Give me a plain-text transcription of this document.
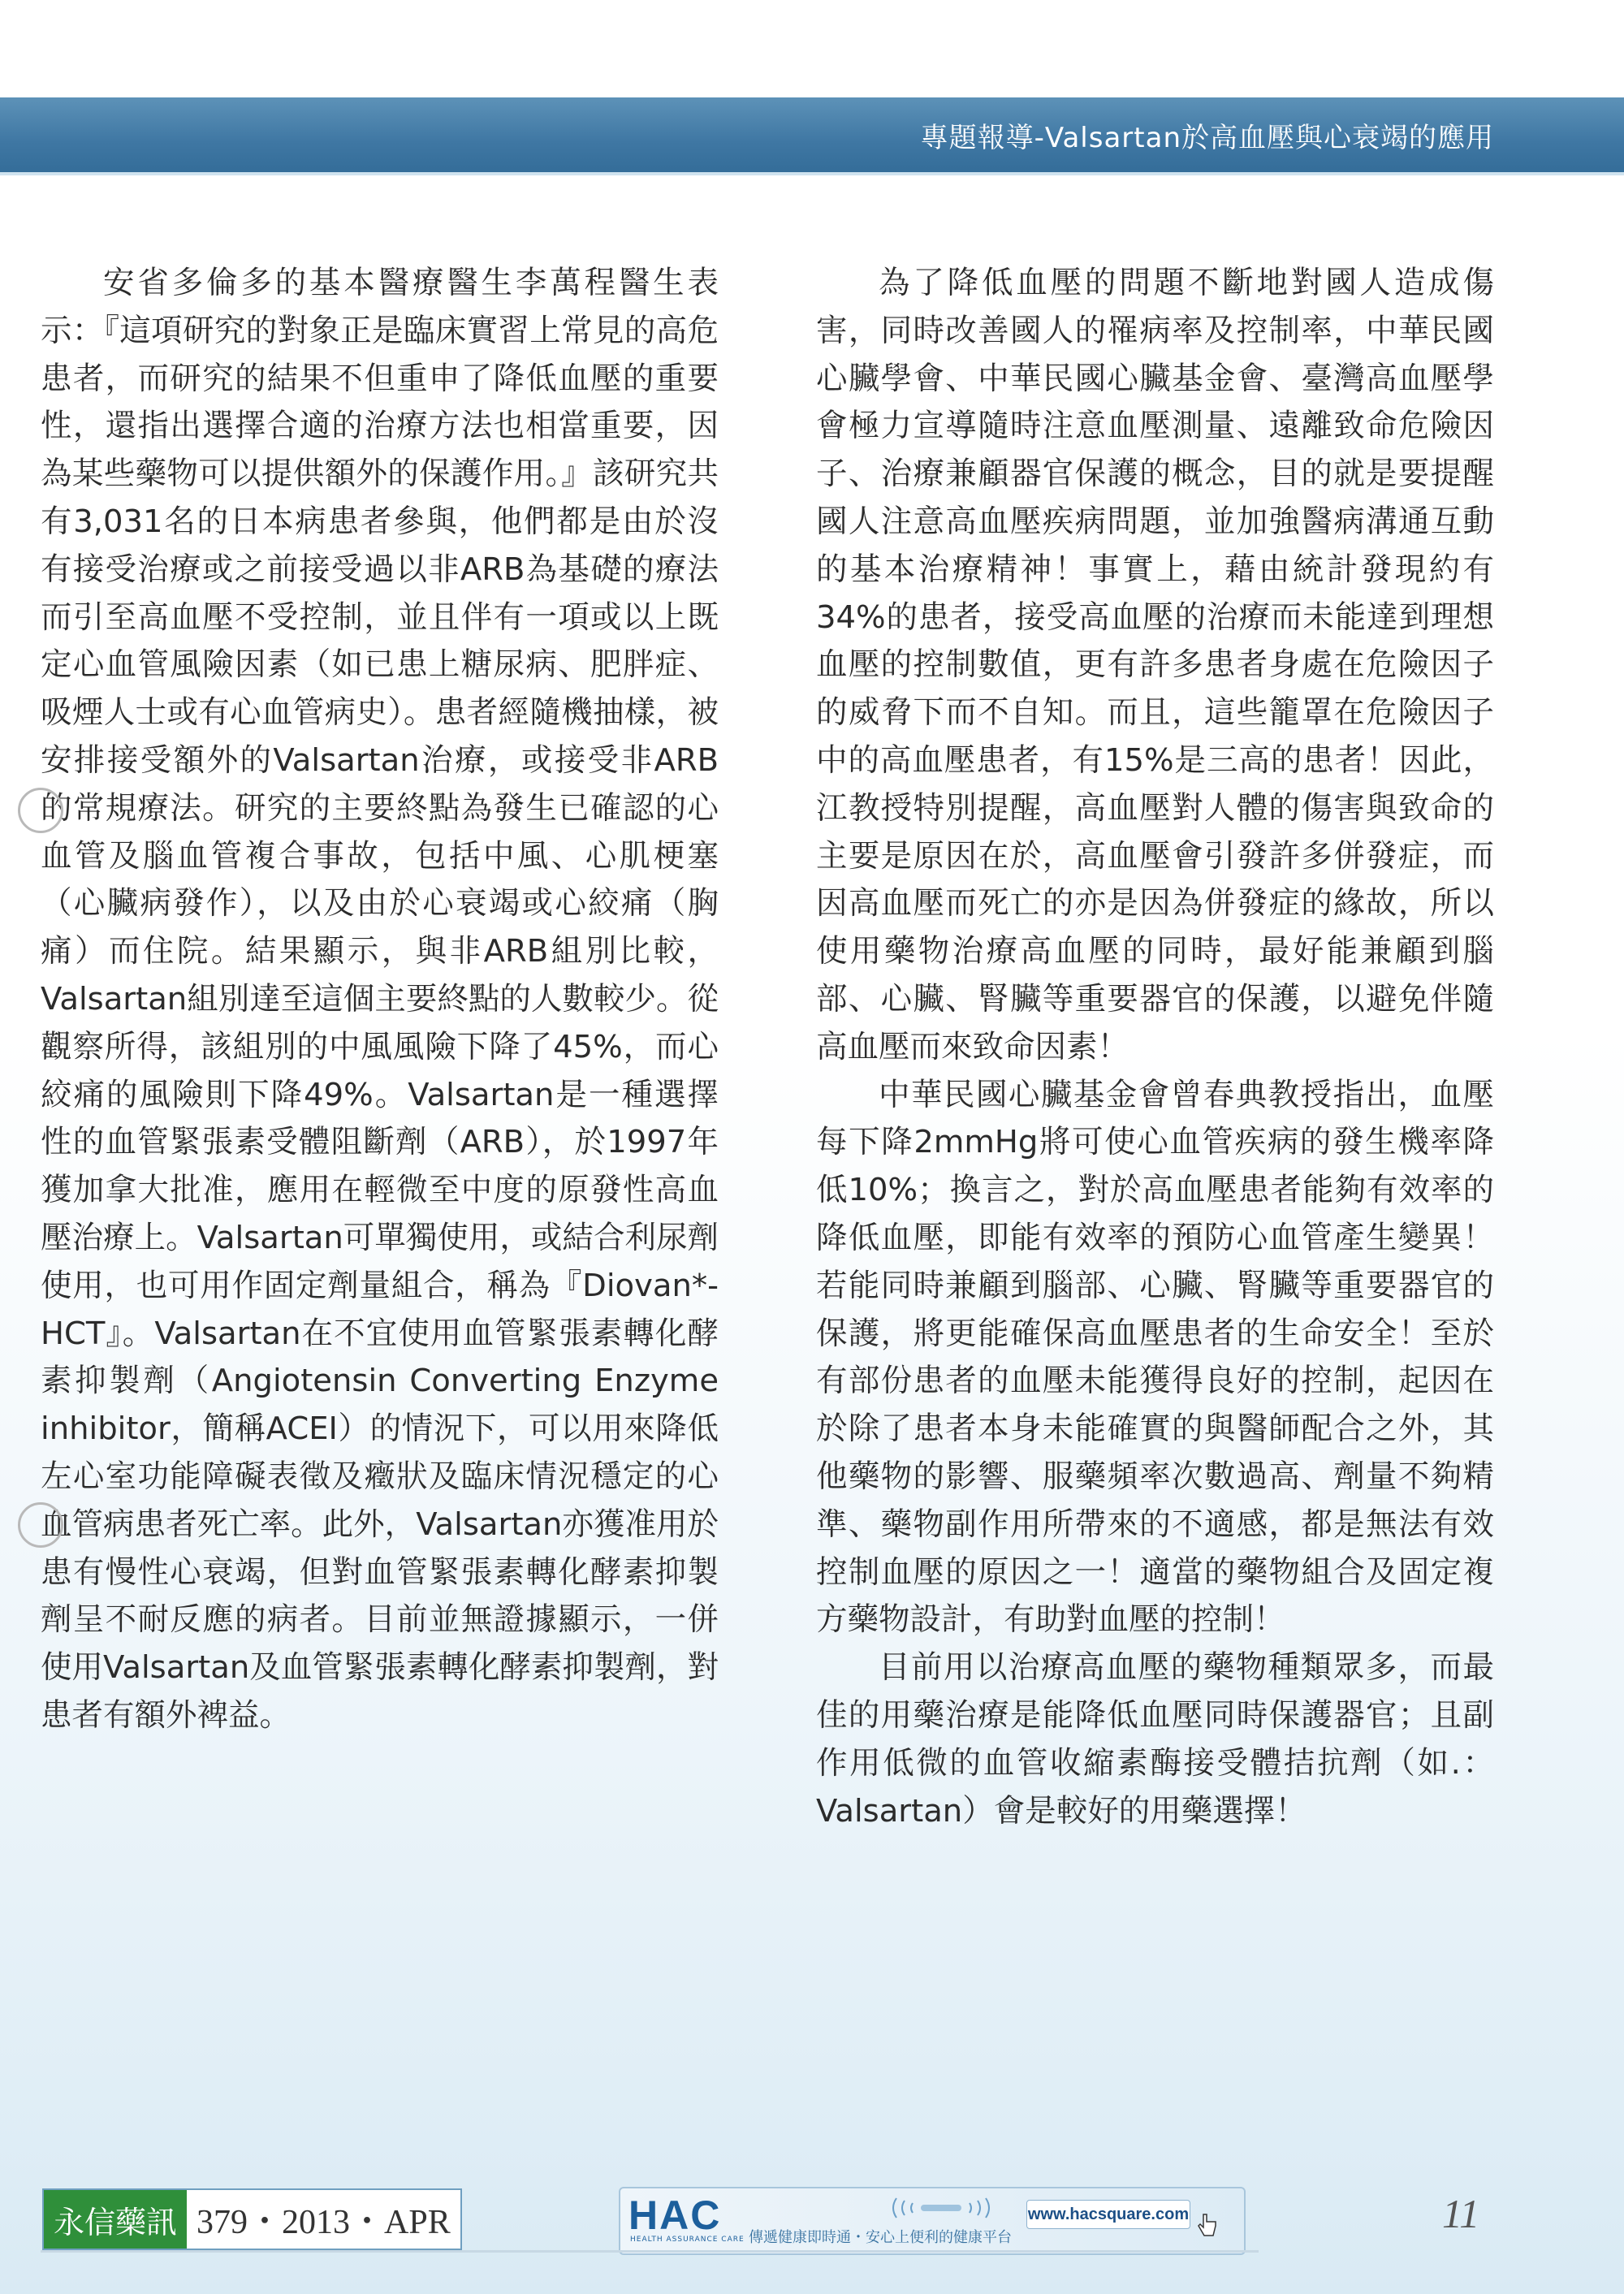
專題報導-Valsartan於高血壓與心衰竭的應用

安省多倫多的基本醫療醫生李萬程醫生表示：『這項研究的對象正是臨床實習上常見的高危患者，而研究的結果不但重申了降低血壓的重要性，還指出選擇合適的治療方法也相當重要，因為某些藥物可以提供額外的保護作用。』該研究共有3,031名的日本病患者參與，他們都是由於沒有接受治療或之前接受過以非ARB為基礎的療法而引至高血壓不受控制，並且伴有一項或以上既定心血管風險因素（如已患上糖尿病、肥胖症、吸煙人士或有心血管病史）。患者經隨機抽樣，被安排接受額外的Valsartan治療，或接受非ARB的常規療法。研究的主要終點為發生已確認的心血管及腦血管複合事故，包括中風、心肌梗塞（心臟病發作），以及由於心衰竭或心絞痛（胸痛）而住院。結果顯示，與非ARB組別比較，Valsartan組別達至這個主要終點的人數較少。從觀察所得，該組別的中風風險下降了45%，而心絞痛的風險則下降49%。Valsartan是一種選擇性的血管緊張素受體阻斷劑（ARB），於1997年獲加拿大批准，應用在輕微至中度的原發性高血壓治療上。Valsartan可單獨使用，或結合利尿劑使用，也可用作固定劑量組合，稱為『Diovan*-HCT』。Valsartan在不宜使用血管緊張素轉化酵素抑製劑（Angiotensin Converting Enzyme inhibitor，簡稱ACEI）的情況下，可以用來降低左心室功能障礙表徵及癥狀及臨床情況穩定的心血管病患者死亡率。此外，Valsartan亦獲准用於患有慢性心衰竭，但對血管緊張素轉化酵素抑製劑呈不耐反應的病者。目前並無證據顯示，一併使用Valsartan及血管緊張素轉化酵素抑製劑，對患者有額外裨益。

為了降低血壓的問題不斷地對國人造成傷害，同時改善國人的罹病率及控制率，中華民國心臟學會、中華民國心臟基金會、臺灣高血壓學會極力宣導隨時注意血壓測量、遠離致命危險因子、治療兼顧器官保護的概念，目的就是要提醒國人注意高血壓疾病問題，並加強醫病溝通互動的基本治療精神！事實上，藉由統計發現約有34%的患者，接受高血壓的治療而未能達到理想血壓的控制數值，更有許多患者身處在危險因子的威脅下而不自知。而且，這些籠罩在危險因子中的高血壓患者，有15%是三高的患者！因此，江教授特別提醒，高血壓對人體的傷害與致命的主要是原因在於，高血壓會引發許多併發症，而因高血壓而死亡的亦是因為併發症的緣故，所以使用藥物治療高血壓的同時，最好能兼顧到腦部、心臟、腎臟等重要器官的保護，以避免伴隨高血壓而來致命因素！

中華民國心臟基金會曾春典教授指出，血壓每下降2mmHg將可使心血管疾病的發生機率降低10%；換言之，對於高血壓患者能夠有效率的降低血壓，即能有效率的預防心血管產生變異！若能同時兼顧到腦部、心臟、腎臟等重要器官的保護，將更能確保高血壓患者的生命安全！至於有部份患者的血壓未能獲得良好的控制，起因在於除了患者本身未能確實的與醫師配合之外，其他藥物的影響、服藥頻率次數過高、劑量不夠精準、藥物副作用所帶來的不適感，都是無法有效控制血壓的原因之一！適當的藥物組合及固定複方藥物設計，有助對血壓的控制！

目前用以治療高血壓的藥物種類眾多，而最佳的用藥治療是能降低血壓同時保護器官；且副作用低微的血管收縮素酶接受體拮抗劑（如.：Valsartan）會是較好的用藥選擇！

永信藥訊 379・2013・APR	HAC
HEALTH ASSURANCE CARE 傳遞健康即時通・安心上便利的健康平台
www.hacsquare.com	11
